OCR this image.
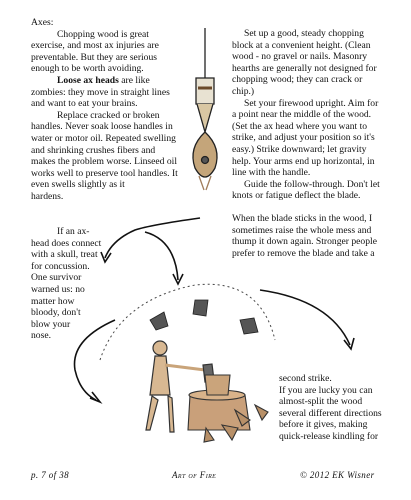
Axes:

Chopping wood is great exercise, and most ax injuries are preventable. But they are serious enough to be worth avoiding.

Loose ax heads are like zombies: they move in straight lines and want to eat your brains.

Replace cracked or broken handles. Never soak loose handles in water or motor oil. Repeated swelling and shrinking crushes fibers and makes the problem worse. Linseed oil works well to preserve tool handles. It even swells slightly as it

hardens.

If an ax-
head does connect
with a skull, treat
for concussion.
One survivor
warned us: no
matter how
bloody, don't
blow your
nose.

Set up a good, steady chopping block at a convenient height. (Clean wood - no gravel or nails. Masonry hearths are generally not designed for chopping wood; they can crack or chip.)

Set your firewood upright. Aim for a point near the middle of the wood. (Set the ax head where you want to strike, and adjust your position so it's easy.) Strike downward; let gravity help. Your arms end up horizontal, in line with the handle.

Guide the follow-through. Don't let knots or fatigue deflect the blade.

When the blade sticks in the wood, I sometimes raise the whole mess and thump it down again. Stronger people prefer to remove the blade and take a

second strike.
If you are lucky you can
almost-split the wood
several different directions
before it gives, making
quick-release kindling for
p. 7 of 38	Art of Fire	© 2012 EK Wisner
